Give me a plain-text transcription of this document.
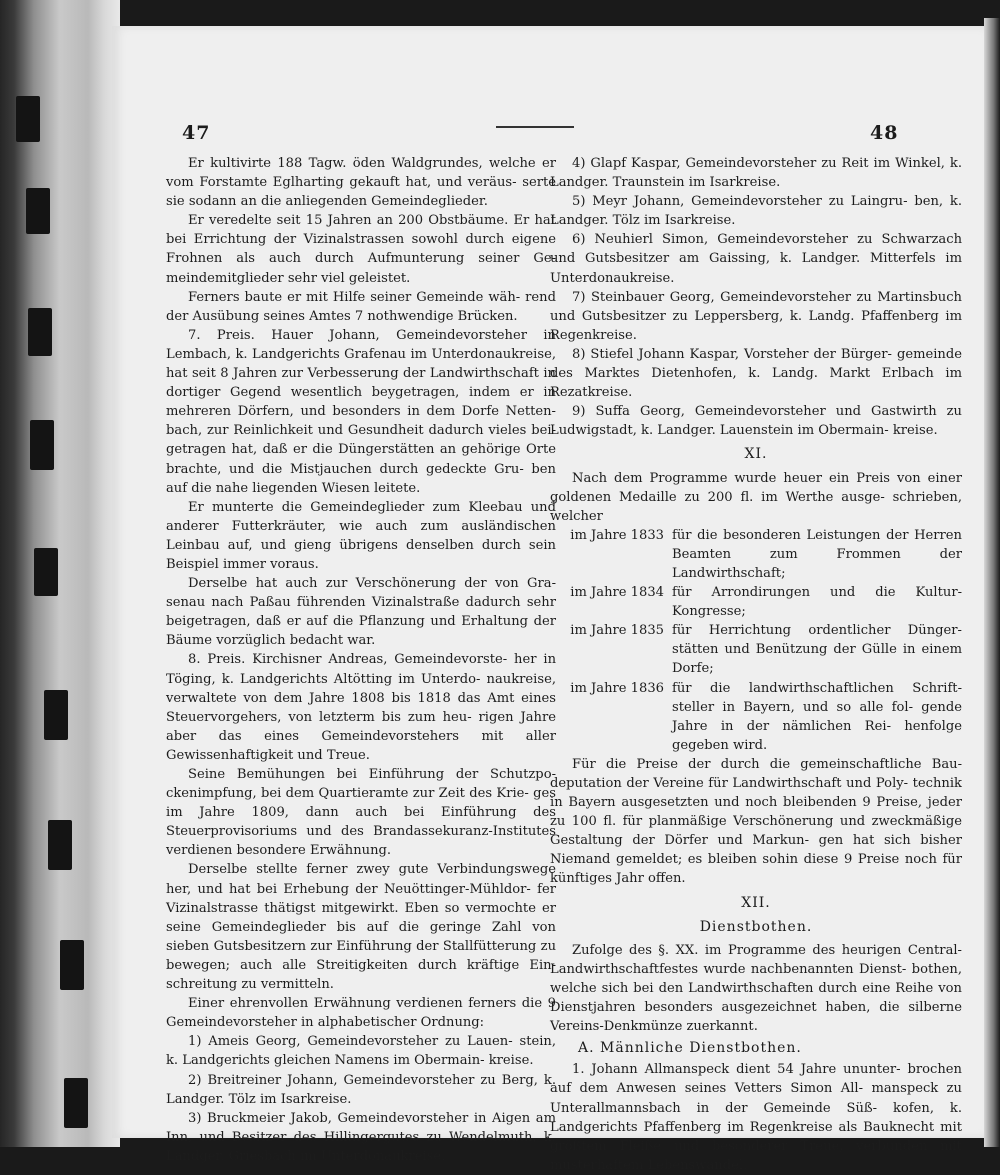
47	48

Er kultivirte 188 Tagw. öden Waldgrundes, welche er vom Forstamte Eglharting gekauft hat, und veräus- serte sie sodann an die anliegenden Gemeindeglieder.

Er veredelte seit 15 Jahren an 200 Obstbäume. Er hat bei Errichtung der Vizinalstrassen sowohl durch eigene Frohnen als auch durch Aufmunterung seiner Ge- meindemitglieder sehr viel geleistet.

Ferners baute er mit Hilfe seiner Gemeinde wäh- rend der Ausübung seines Amtes 7 nothwendige Brücken.

7. Preis. Hauer Johann, Gemeindevorsteher in Lembach, k. Landgerichts Grafenau im Unterdonaukreise, hat seit 8 Jahren zur Verbesserung der Landwirthschaft in dortiger Gegend wesentlich beygetragen, indem er in mehreren Dörfern, und besonders in dem Dorfe Netten- bach, zur Reinlichkeit und Gesundheit dadurch vieles bei- getragen hat, daß er die Düngerstätten an gehörige Orte brachte, und die Mistjauchen durch gedeckte Gru- ben auf die nahe liegenden Wiesen leitete.

Er munterte die Gemeindeglieder zum Kleebau und anderer Futterkräuter, wie auch zum ausländischen Leinbau auf, und gieng übrigens denselben durch sein Beispiel immer voraus.

Derselbe hat auch zur Verschönerung der von Gra- senau nach Paßau führenden Vizinalstraße dadurch sehr beigetragen, daß er auf die Pflanzung und Erhaltung der Bäume vorzüglich bedacht war.

8. Preis. Kirchisner Andreas, Gemeindevorste- her in Töging, k. Landgerichts Altötting im Unterdo- naukreise, verwaltete von dem Jahre 1808 bis 1818 das Amt eines Steuervorgehers, von letzterm bis zum heu- rigen Jahre aber das eines Gemeindevorstehers mit aller Gewissenhaftigkeit und Treue.

Seine Bemühungen bei Einführung der Schutzpo- ckenimpfung, bei dem Quartieramte zur Zeit des Krie- ges im Jahre 1809, dann auch bei Einführung des Steuerprovisoriums und des Brandassekuranz-Institutes verdienen besondere Erwähnung.

Derselbe stellte ferner zwey gute Verbindungswege her, und hat bei Erhebung der Neuöttinger-Mühldor- fer Vizinalstrasse thätigst mitgewirkt. Eben so vermochte er seine Gemeindeglieder bis auf die geringe Zahl von sieben Gutsbesitzern zur Einführung der Stallfütterung zu bewegen; auch alle Streitigkeiten durch kräftige Ein- schreitung zu vermitteln.

Einer ehrenvollen Erwähnung verdienen ferners die 9 Gemeindevorsteher in alphabetischer Ordnung:

1) Ameis Georg, Gemeindevorsteher zu Lauen- stein, k. Landgerichts gleichen Namens im Obermain- kreise.

2) Breitreiner Johann, Gemeindevorsteher zu Berg, k. Landger. Tölz im Isarkreise.

3) Bruckmeier Jakob, Gemeindevorsteher in Aigen am Inn, und Besitzer des Hillingergutes zu Wendelmuth, k. Landger. Griesbach im Unterdonaukreise.

4) Glapf Kaspar, Gemeindevorsteher zu Reit im Winkel, k. Landger. Traunstein im Isarkreise.

5) Meyr Johann, Gemeindevorsteher zu Laingru- ben, k. Landger. Tölz im Isarkreise.

6) Neuhierl Simon, Gemeindevorsteher zu Schwarzach und Gutsbesitzer am Gaissing, k. Landger. Mitterfels im Unterdonaukreise.

7) Steinbauer Georg, Gemeindevorsteher zu Martinsbuch und Gutsbesitzer zu Leppersberg, k. Landg. Pfaffenberg im Regenkreise.

8) Stiefel Johann Kaspar, Vorsteher der Bürger- gemeinde des Marktes Dietenhofen, k. Landg. Markt Erlbach im Rezatkreise.

9) Suffa Georg, Gemeindevorsteher und Gastwirth zu Ludwigstadt, k. Landger. Lauenstein im Obermain- kreise.

XI.

Nach dem Programme wurde heuer ein Preis von einer goldenen Medaille zu 200 fl. im Werthe ausge- schrieben, welcher

im Jahre 1833 für die besonderen Leistungen der Herren Beamten zum Frommen der Landwirthschaft;
im Jahre 1834 für Arrondirungen und die Kultur- Kongresse;
im Jahre 1835 für Herrichtung ordentlicher Dünger- stätten und Benützung der Gülle in einem Dorfe;
im Jahre 1836 für die landwirthschaftlichen Schrift- steller in Bayern, und so alle fol- gende Jahre in der nämlichen Rei- henfolge gegeben wird.

Für die Preise der durch die gemeinschaftliche Bau- deputation der Vereine für Landwirthschaft und Poly- technik in Bayern ausgesetzten und noch bleibenden 9 Preise, jeder zu 100 fl. für planmäßige Verschönerung und zweckmäßige Gestaltung der Dörfer und Markun- gen hat sich bisher Niemand gemeldet; es bleiben sohin diese 9 Preise noch für künftiges Jahr offen.

XII.
Dienstbothen.

Zufolge des §. XX. im Programme des heurigen Central-Landwirthschaftfestes wurde nachbenannten Dienst- bothen, welche sich bei den Landwirthschaften durch eine Reihe von Dienstjahren besonders ausgezeichnet haben, die silberne Vereins-Denkmünze zuerkannt.

A. Männliche Dienstbothen.

1. Johann Allmanspeck dient 54 Jahre ununter- brochen auf dem Anwesen seines Vetters Simon All- manspeck zu Unterallmannsbach in der Gemeinde Süß- kofen, k. Landgerichts Pfaffenberg im Regenkreise als Bauknecht mit größtem Fleiße und besonderer Treue, verbunden mit musterhaftem Lebenswandel.
